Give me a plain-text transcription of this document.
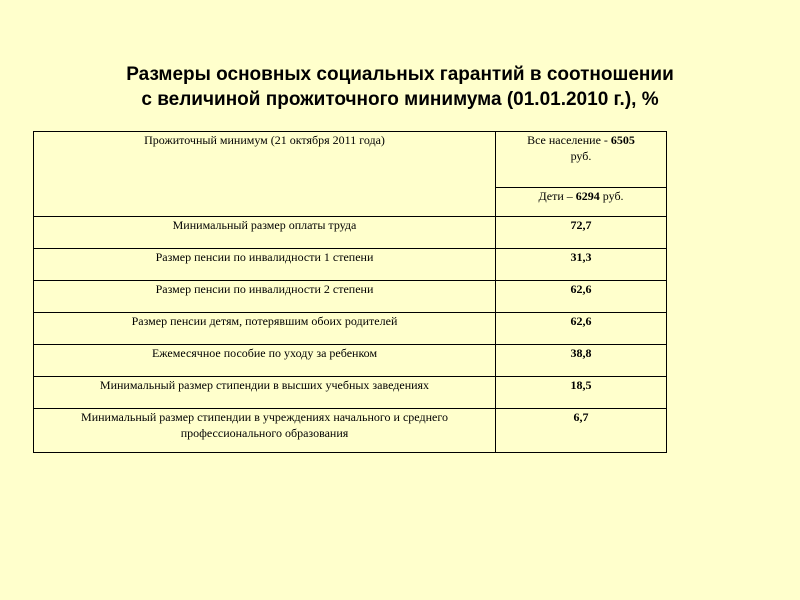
Размеры основных социальных гарантий в соотношении
с величиной прожиточного минимума (01.01.2010 г.), %
Прожиточный минимум (21 октября 2011 года)	Все население - 6505
руб.
	Дети – 6294 руб.
Минимальный размер оплаты труда	72,7
Размер пенсии по инвалидности 1 степени	31,3
Размер пенсии по инвалидности 2 степени	62,6
Размер пенсии детям, потерявшим обоих родителей	62,6
Ежемесячное пособие по уходу за ребенком	38,8
Минимальный размер стипендии в высших учебных заведениях	18,5
Минимальный размер стипендии в учреждениях начального и среднего профессионального образования	6,7
